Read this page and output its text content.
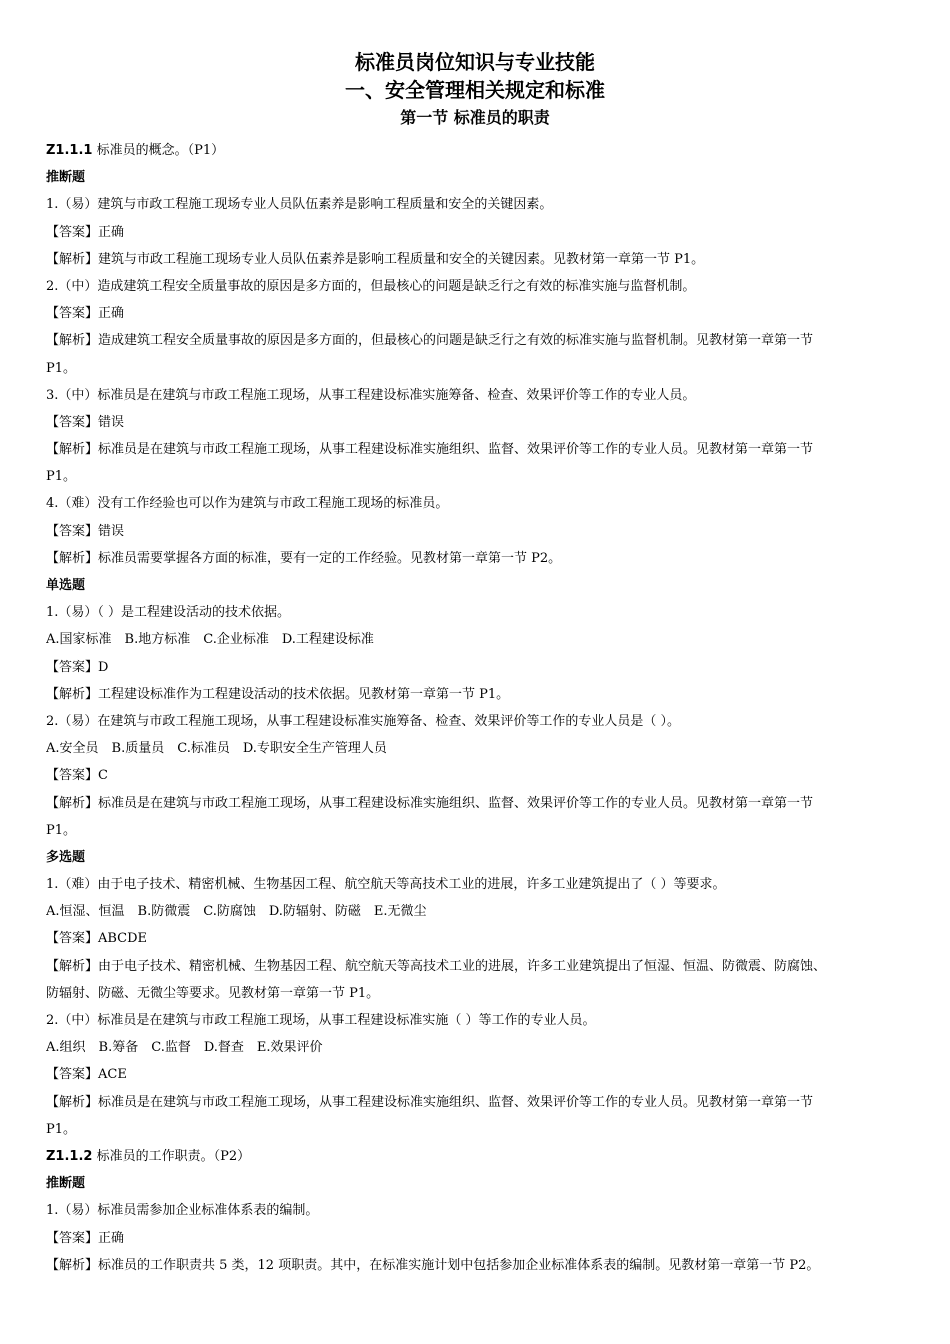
标准员岗位知识与专业技能
一、安全管理相关规定和标准
第一节 标准员的职责
Z1.1.1 标准员的概念。（P1）
推断题
1.（易）建筑与市政工程施工现场专业人员队伍素养是影响工程质量和安全的关键因素。
【答案】正确
【解析】建筑与市政工程施工现场专业人员队伍素养是影响工程质量和安全的关键因素。见教材第一章第一节 P1。
2.（中）造成建筑工程安全质量事故的原因是多方面的，但最核心的问题是缺乏行之有效的标准实施与监督机制。
【答案】正确
【解析】造成建筑工程安全质量事故的原因是多方面的，但最核心的问题是缺乏行之有效的标准实施与监督机制。见教材第一章第一节
P1。
3.（中）标准员是在建筑与市政工程施工现场，从事工程建设标准实施筹备、检查、效果评价等工作的专业人员。
【答案】错误
【解析】标准员是在建筑与市政工程施工现场，从事工程建设标准实施组织、监督、效果评价等工作的专业人员。见教材第一章第一节
P1。
4.（难）没有工作经验也可以作为建筑与市政工程施工现场的标准员。
【答案】错误
【解析】标准员需要掌握各方面的标准，要有一定的工作经验。见教材第一章第一节 P2。
单选题
1.（易）（ ）是工程建设活动的技术依据。
A.国家标准　B.地方标准　C.企业标准　D.工程建设标准
【答案】D
【解析】工程建设标准作为工程建设活动的技术依据。见教材第一章第一节 P1。
2.（易）在建筑与市政工程施工现场，从事工程建设标准实施筹备、检查、效果评价等工作的专业人员是（ ）。
A.安全员　B.质量员　C.标准员　D.专职安全生产管理人员
【答案】C
【解析】标准员是在建筑与市政工程施工现场，从事工程建设标准实施组织、监督、效果评价等工作的专业人员。见教材第一章第一节
P1。
多选题
1.（难）由于电子技术、精密机械、生物基因工程、航空航天等高技术工业的进展，许多工业建筑提出了（ ）等要求。
A.恒湿、恒温　B.防微震　C.防腐蚀　D.防辐射、防磁　E.无微尘
【答案】ABCDE
【解析】由于电子技术、精密机械、生物基因工程、航空航天等高技术工业的进展，许多工业建筑提出了恒湿、恒温、防微震、防腐蚀、
防辐射、防磁、无微尘等要求。见教材第一章第一节 P1。
2.（中）标准员是在建筑与市政工程施工现场，从事工程建设标准实施（ ）等工作的专业人员。
A.组织　B.筹备　C.监督　D.督查　E.效果评价
【答案】ACE
【解析】标准员是在建筑与市政工程施工现场，从事工程建设标准实施组织、监督、效果评价等工作的专业人员。见教材第一章第一节
P1。
Z1.1.2 标准员的工作职责。（P2）
推断题
1.（易）标准员需参加企业标准体系表的编制。
【答案】正确
【解析】标准员的工作职责共 5 类，12 项职责。其中，在标准实施计划中包括参加企业标准体系表的编制。见教材第一章第一节 P2。
